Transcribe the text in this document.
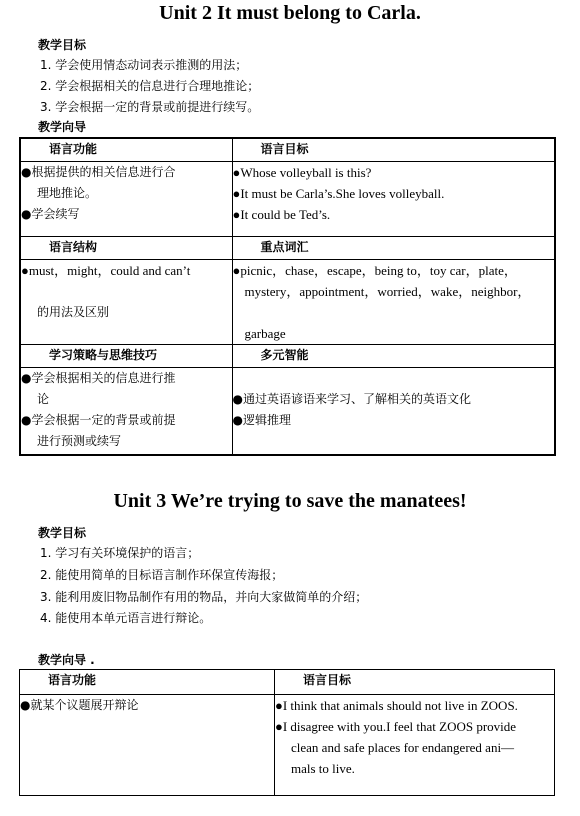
Unit 2 It must belong to Carla.
教学目标
1. 学会使用情态动词表示推测的用法；
2. 学会根据相关的信息进行合理地推论；
3. 学会根据一定的背景或前提进行续写。
教学向导
语言功能	语言目标

●根据提供的相关信息进行合
理地推论。
●学会续写	●Whose volleyball is this?
●It must be Carla’s.She loves volleyball.
●It could be Ted’s.

语言结构	重点词汇

●must，might，could and can’t

的用法及区别	●picnic，chase，escape，being to，toy car，plate，
mystery，appointment，worried，wake，neighbor，

garbage

学习策略与思维技巧	多元智能

●学会根据相关的信息进行推
论
●学会根据一定的背景或前提
进行预测或续写	●通过英语谚语来学习、了解相关的英语文化
●逻辑推理
Unit 3 We’re trying to save the manatees!
教学目标
1. 学习有关环境保护的语言；
2. 能使用简单的目标语言制作环保宣传海报；
3. 能利用废旧物品制作有用的物品，并向大家做简单的介绍；
4. 能使用本单元语言进行辩论。
教学向导 .
语言功能	语言目标

●就某个议题展开辩论	●I think that animals should not live in ZOOS.
●I disagree with you.I feel that ZOOS provide
clean and safe places for endangered ani—
mals to live.
